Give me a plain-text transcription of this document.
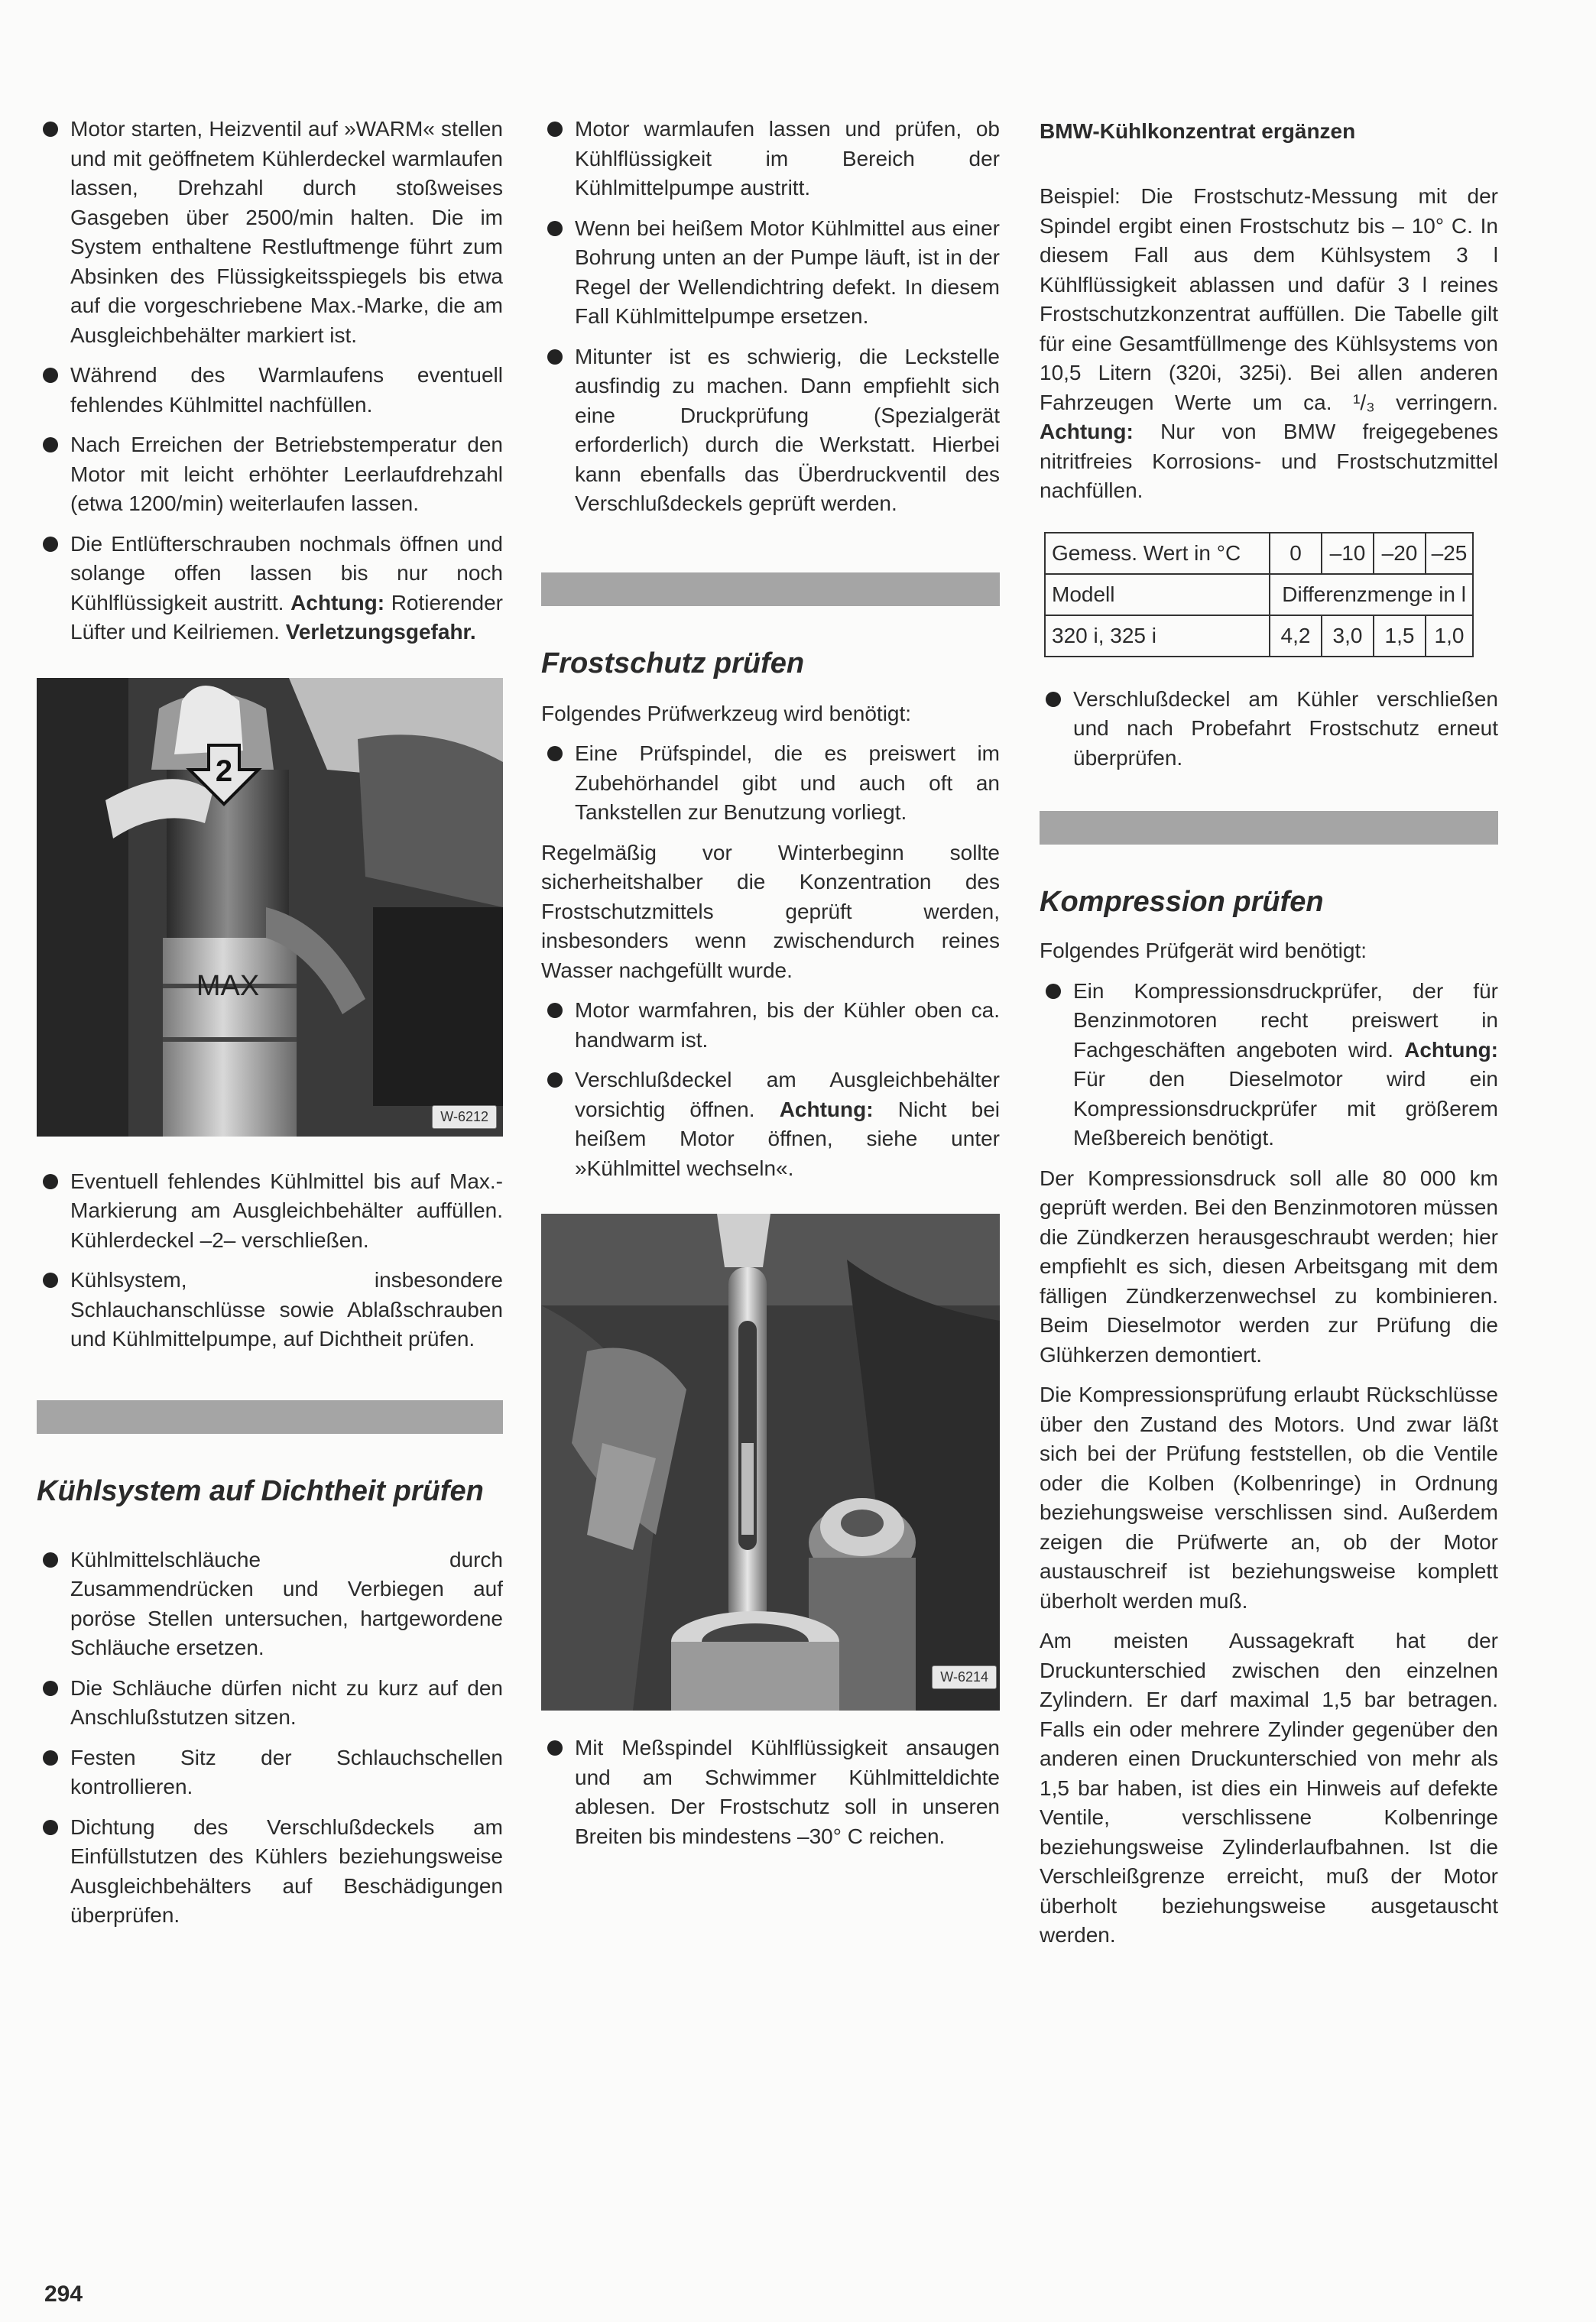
Motor starten, Heizventil auf »WARM« stellen und mit geöffnetem Kühlerdeckel warmlaufen lassen, Drehzahl durch stoßweises Gasgeben über 2500/min halten. Die im System enthaltene Restluftmenge führt zum Absinken des Flüssigkeitsspiegels bis etwa auf die vorgeschriebene Max.-Marke, die am Ausgleichbehälter markiert ist.

Während des Warmlaufens eventuell fehlendes Kühlmittel nachfüllen.

Nach Erreichen der Betriebstemperatur den Motor mit leicht erhöhter Leerlaufdrehzahl (etwa 1200/min) weiterlaufen lassen.

Die Entlüfterschrauben nochmals öffnen und solange offen lassen bis nur noch Kühlflüssigkeit austritt. Achtung: Rotierender Lüfter und Keilriemen. Verletzungsgefahr.

2
MAX
W-6212

Eventuell fehlendes Kühlmittel bis auf Max.-Markierung am Ausgleichbehälter auffüllen. Kühlerdeckel –2– verschließen.

Kühlsystem, insbesondere Schlauchanschlüsse sowie Ablaßschrauben und Kühlmittelpumpe, auf Dichtheit prüfen.

Kühlsystem auf Dichtheit prüfen

Kühlmittelschläuche durch Zusammendrücken und Verbiegen auf poröse Stellen untersuchen, hartgewordene Schläuche ersetzen.

Die Schläuche dürfen nicht zu kurz auf den Anschlußstutzen sitzen.

Festen Sitz der Schlauchschellen kontrollieren.

Dichtung des Verschlußdeckels am Einfüllstutzen des Kühlers beziehungsweise Ausgleichbehälters auf Beschädigungen überprüfen.

Motor warmlaufen lassen und prüfen, ob Kühlflüssigkeit im Bereich der Kühlmittelpumpe austritt.

Wenn bei heißem Motor Kühlmittel aus einer Bohrung unten an der Pumpe läuft, ist in der Regel der Wellendichtring defekt. In diesem Fall Kühlmittelpumpe ersetzen.

Mitunter ist es schwierig, die Leckstelle ausfindig zu machen. Dann empfiehlt sich eine Druckprüfung (Spezialgerät erforderlich) durch die Werkstatt. Hierbei kann ebenfalls das Überdruckventil des Verschlußdeckels geprüft werden.

Frostschutz prüfen

Folgendes Prüfwerkzeug wird benötigt:

Eine Prüfspindel, die es preiswert im Zubehörhandel gibt und auch oft an Tankstellen zur Benutzung vorliegt.

Regelmäßig vor Winterbeginn sollte sicherheitshalber die Konzentration des Frostschutzmittels geprüft werden, insbesonders wenn zwischendurch reines Wasser nachgefüllt wurde.

Motor warmfahren, bis der Kühler oben ca. handwarm ist.

Verschlußdeckel am Ausgleichbehälter vorsichtig öffnen. Achtung: Nicht bei heißem Motor öffnen, siehe unter »Kühlmittel wechseln«.

W-6214

Mit Meßspindel Kühlflüssigkeit ansaugen und am Schwimmer Kühlmitteldichte ablesen. Der Frostschutz soll in unseren Breiten bis mindestens –30° C reichen.

BMW-Kühlkonzentrat ergänzen

Beispiel: Die Frostschutz-Messung mit der Spindel ergibt einen Frostschutz bis – 10° C. In diesem Fall aus dem Kühlsystem 3 l Kühlflüssigkeit ablassen und dafür 3 l reines Frostschutzkonzentrat auffüllen. Die Tabelle gilt für eine Gesamtfüllmenge des Kühlsystems von 10,5 Litern (320i, 325i). Bei allen anderen Fahrzeugen Werte um ca. ¹/₃ verringern. Achtung: Nur von BMW freigegebenes nitritfreies Korrosions- und Frostschutzmittel nachfüllen.

Gemess. Wert in °C	0	–10	–20	–25
Modell	Differenzmenge in l			
320 i, 325 i	4,2	3,0	1,5	1,0

Verschlußdeckel am Kühler verschließen und nach Probefahrt Frostschutz erneut überprüfen.

Kompression prüfen

Folgendes Prüfgerät wird benötigt:

Ein Kompressionsdruckprüfer, der für Benzinmotoren recht preiswert in Fachgeschäften angeboten wird. Achtung: Für den Dieselmotor wird ein Kompressionsdruckprüfer mit größerem Meßbereich benötigt.

Der Kompressionsdruck soll alle 80 000 km geprüft werden. Bei den Benzinmotoren müssen die Zündkerzen herausgeschraubt werden; hier empfiehlt es sich, diesen Arbeitsgang mit dem fälligen Zündkerzenwechsel zu kombinieren. Beim Dieselmotor werden zur Prüfung die Glühkerzen demontiert.

Die Kompressionsprüfung erlaubt Rückschlüsse über den Zustand des Motors. Und zwar läßt sich bei der Prüfung feststellen, ob die Ventile oder die Kolben (Kolbenringe) in Ordnung beziehungsweise verschlissen sind. Außerdem zeigen die Prüfwerte an, ob der Motor austauschreif ist beziehungsweise komplett überholt werden muß.

Am meisten Aussagekraft hat der Druckunterschied zwischen den einzelnen Zylindern. Er darf maximal 1,5 bar betragen. Falls ein oder mehrere Zylinder gegenüber den anderen einen Druckunterschied von mehr als 1,5 bar haben, ist dies ein Hinweis auf defekte Ventile, verschlissene Kolbenringe beziehungsweise Zylinderlaufbahnen. Ist die Verschleißgrenze erreicht, muß der Motor überholt beziehungsweise ausgetauscht werden.

294
